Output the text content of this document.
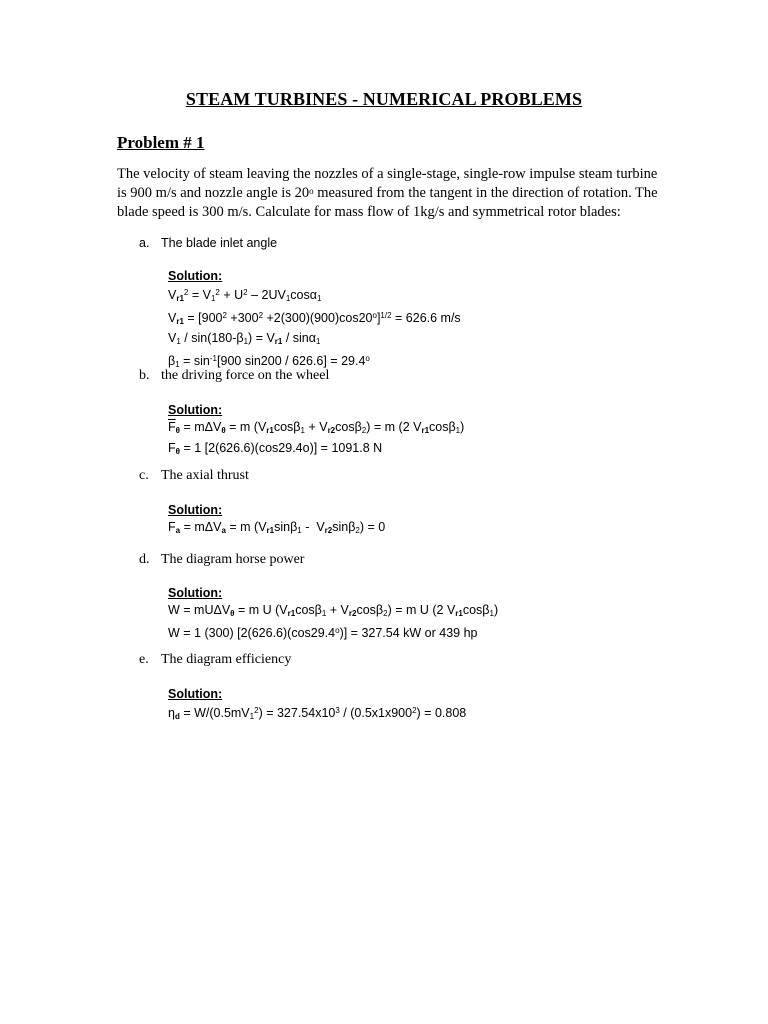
STEAM TURBINES - NUMERICAL PROBLEMS
Problem # 1
The velocity of steam leaving the nozzles of a single-stage, single-row impulse steam turbine
is 900 m/s and nozzle angle is 20$^o$ measured from the tangent in the direction of rotation. The
blade speed is 300 m/s. Calculate for mass flow of 1kg/s and symmetrical rotor blades:
a. The blade inlet angle
Solution:
$V_{r1}^2 = V_1^2 + U^2 - 2UV_1\cos\alpha_1$
$V_{r1} = [900^2 +300^2 +2(300)(900)\cos 20^o]^{1/2} = 626.6$ m/s
$V_1 / \sin(180-\beta_1) = V_{r1} / \sin\alpha_1$
$\beta_1 = \sin^{-1}[900$ $\sin 200 / 626.6] = 29.4^o$
b. the driving force on the wheel
Solution:
$\overline{F}_\theta = m\Delta V_\theta = m$ $(V_{r1}\cos\beta_1 + V_{r2}\cos\beta_2) = m$ (2 $V_{r1}\cos\beta_1$)
$F_\theta = 1$ [2(626.6)(cos29.4o)] = 1091.8 N
c. The axial thrust
Solution:
$F_a = m\Delta V_a = m$ $(V_{r1}\sin\beta_1 - V_{r2}\sin\beta_2) = 0$
d. The diagram horse power
Solution:
W = mUΔV$_\theta$ = m U $(V_{r1}\cos\beta_1 + V_{r2}\cos\beta_2) = m$ U (2 $V_{r1}\cos\beta_1$)
W = 1 (300) $[2(626.6)(\cos 29.4^o)] = 327.54$ kW or 439 hp
e. The diagram efficiency
Solution:
$\eta_d = W/(0.5mV_1^2) = 327.54x10^3 / (0.5x1x900^2) = 0.808$
